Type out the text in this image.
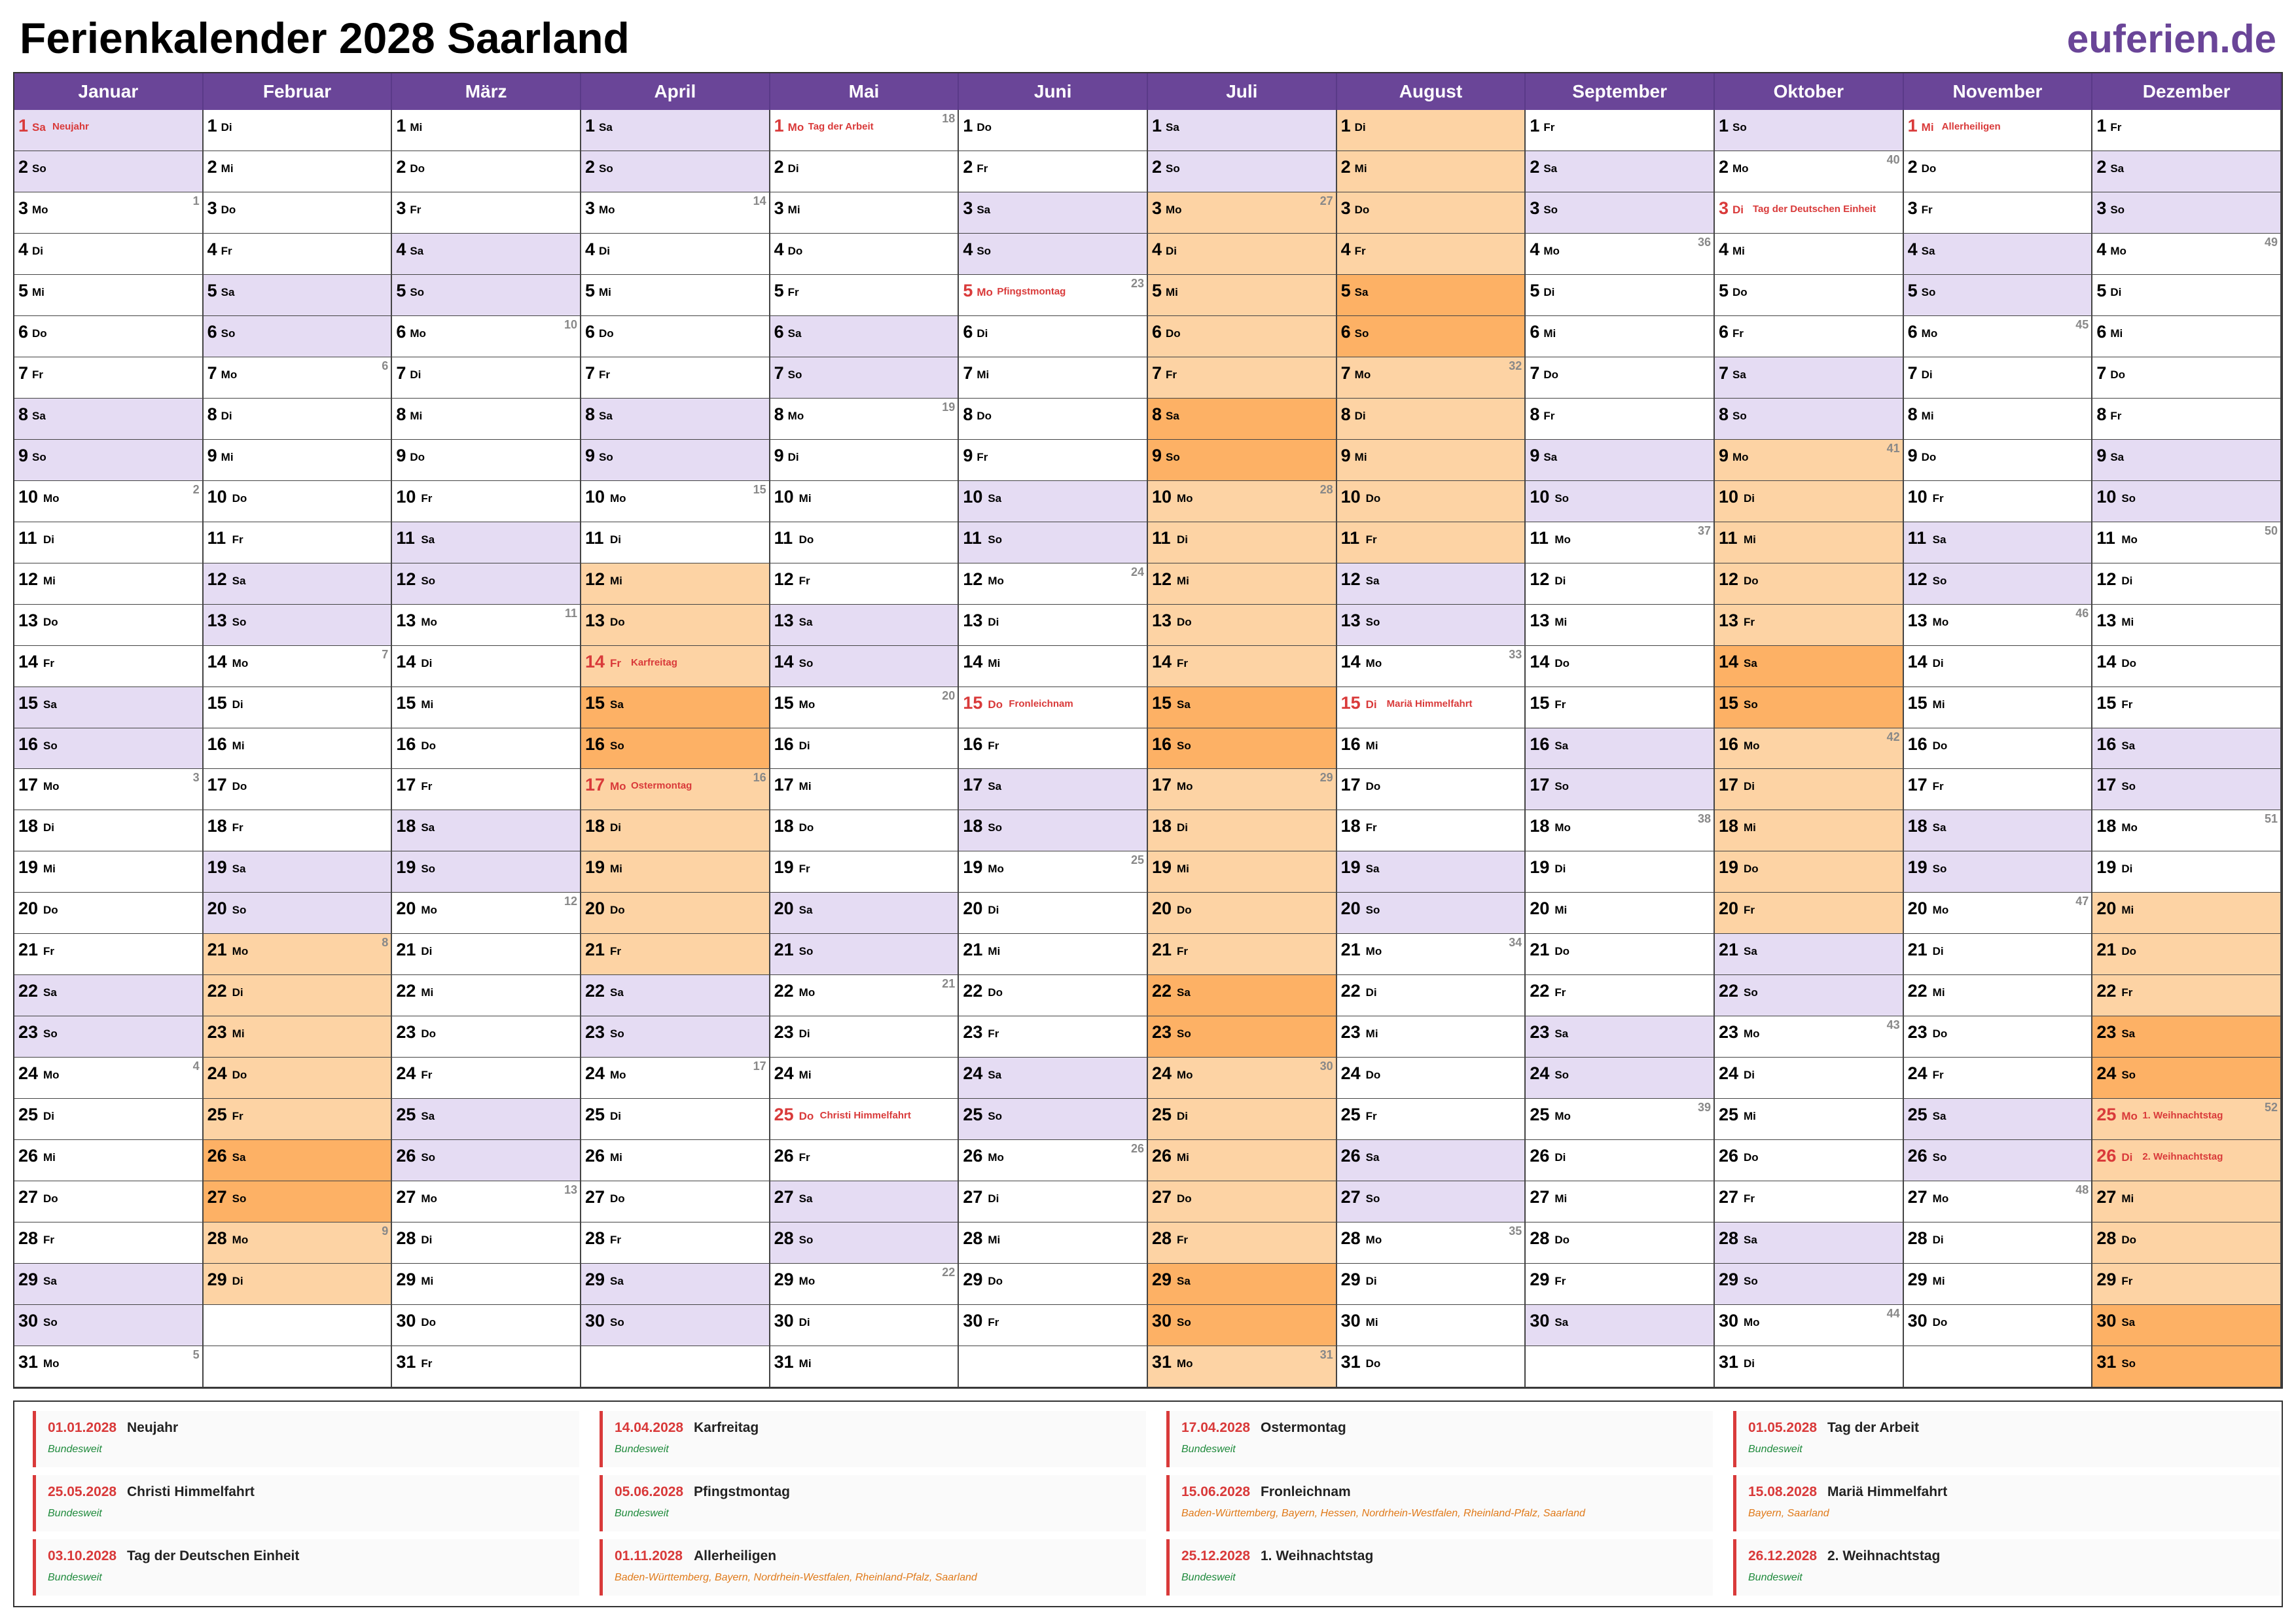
Ferienkalender 2028 Saarland	euferien.de
Januar
1 Sa Neujahr
2 So
3 Mo
1
4 Di
5 Mi
6 Do
7 Fr
8 Sa
9 So
10 Mo
2
11 Di
12 Mi
13 Do
14 Fr
15 Sa
16 So
17 Mo
3
18 Di
19 Mi
20 Do
21 Fr
22 Sa
23 So
24 Mo
4
25 Di
26 Mi
27 Do
28 Fr
29 Sa
30 So
31 Mo
5
Februar
1 Di
2 Mi
3 Do
4 Fr
5 Sa
6 So
7 Mo
6
8 Di
9 Mi
10 Do
11 Fr
12 Sa
13 So
14 Mo
7
15 Di
16 Mi
17 Do
18 Fr
19 Sa
20 So
21 Mo
8
22 Di
23 Mi
24 Do
25 Fr
26 Sa
27 So
28 Mo
9
29 Di
März
1 Mi
2 Do
3 Fr
4 Sa
5 So
6 Mo
10
7 Di
8 Mi
9 Do
10 Fr
11 Sa
12 So
13 Mo
11
14 Di
15 Mi
16 Do
17 Fr
18 Sa
19 So
20 Mo
12
21 Di
22 Mi
23 Do
24 Fr
25 Sa
26 So
27 Mo
13
28 Di
29 Mi
30 Do
31 Fr
April
1 Sa
2 So
3 Mo
14
4 Di
5 Mi
6 Do
7 Fr
8 Sa
9 So
10 Mo
15
11 Di
12 Mi
13 Do
14 Fr Karfreitag
15 Sa
16 So
17 Mo Ostermontag
16
18 Di
19 Mi
20 Do
21 Fr
22 Sa
23 So
24 Mo
17
25 Di
26 Mi
27 Do
28 Fr
29 Sa
30 So
Mai
1 Mo Tag der Arbeit
18
2 Di
3 Mi
4 Do
5 Fr
6 Sa
7 So
8 Mo
19
9 Di
10 Mi
11 Do
12 Fr
13 Sa
14 So
15 Mo
20
16 Di
17 Mi
18 Do
19 Fr
20 Sa
21 So
22 Mo
21
23 Di
24 Mi
25 Do Christi Himmelfahrt
26 Fr
27 Sa
28 So
29 Mo
22
30 Di
31 Mi
Juni
1 Do
2 Fr
3 Sa
4 So
5 Mo Pfingstmontag
23
6 Di
7 Mi
8 Do
9 Fr
10 Sa
11 So
12 Mo
24
13 Di
14 Mi
15 Do Fronleichnam
16 Fr
17 Sa
18 So
19 Mo
25
20 Di
21 Mi
22 Do
23 Fr
24 Sa
25 So
26 Mo
26
27 Di
28 Mi
29 Do
30 Fr
Juli
1 Sa
2 So
3 Mo
27
4 Di
5 Mi
6 Do
7 Fr
8 Sa
9 So
10 Mo
28
11 Di
12 Mi
13 Do
14 Fr
15 Sa
16 So
17 Mo
29
18 Di
19 Mi
20 Do
21 Fr
22 Sa
23 So
24 Mo
30
25 Di
26 Mi
27 Do
28 Fr
29 Sa
30 So
31 Mo
31
August
1 Di
2 Mi
3 Do
4 Fr
5 Sa
6 So
7 Mo
32
8 Di
9 Mi
10 Do
11 Fr
12 Sa
13 So
14 Mo
33
15 Di Mariä Himmelfahrt
16 Mi
17 Do
18 Fr
19 Sa
20 So
21 Mo
34
22 Di
23 Mi
24 Do
25 Fr
26 Sa
27 So
28 Mo
35
29 Di
30 Mi
31 Do
September
1 Fr
2 Sa
3 So
4 Mo
36
5 Di
6 Mi
7 Do
8 Fr
9 Sa
10 So
11 Mo
37
12 Di
13 Mi
14 Do
15 Fr
16 Sa
17 So
18 Mo
38
19 Di
20 Mi
21 Do
22 Fr
23 Sa
24 So
25 Mo
39
26 Di
27 Mi
28 Do
29 Fr
30 Sa
Oktober
1 So
2 Mo
40
3 Di Tag der Deutschen Einheit
4 Mi
5 Do
6 Fr
7 Sa
8 So
9 Mo
41
10 Di
11 Mi
12 Do
13 Fr
14 Sa
15 So
16 Mo
42
17 Di
18 Mi
19 Do
20 Fr
21 Sa
22 So
23 Mo
43
24 Di
25 Mi
26 Do
27 Fr
28 Sa
29 So
30 Mo
44
31 Di
November
1 Mi Allerheiligen
2 Do
3 Fr
4 Sa
5 So
6 Mo
45
7 Di
8 Mi
9 Do
10 Fr
11 Sa
12 So
13 Mo
46
14 Di
15 Mi
16 Do
17 Fr
18 Sa
19 So
20 Mo
47
21 Di
22 Mi
23 Do
24 Fr
25 Sa
26 So
27 Mo
48
28 Di
29 Mi
30 Do
Dezember
1 Fr
2 Sa
3 So
4 Mo
49
5 Di
6 Mi
7 Do
8 Fr
9 Sa
10 So
11 Mo
50
12 Di
13 Mi
14 Do
15 Fr
16 Sa
17 So
18 Mo
51
19 Di
20 Mi
21 Do
22 Fr
23 Sa
24 So
25 Mo 1. Weihnachtstag
52
26 Di 2. Weihnachtstag
27 Mi
28 Do
29 Fr
30 Sa
31 So
01.01.2028 Neujahr
Bundesweit
14.04.2028 Karfreitag
Bundesweit
17.04.2028 Ostermontag
Bundesweit
01.05.2028 Tag der Arbeit
Bundesweit
25.05.2028 Christi Himmelfahrt
Bundesweit
05.06.2028 Pfingstmontag
Bundesweit
15.06.2028 Fronleichnam
Baden-Württemberg, Bayern, Hessen, Nordrhein-Westfalen, Rheinland-Pfalz, Saarland
15.08.2028 Mariä Himmelfahrt
Bayern, Saarland
03.10.2028 Tag der Deutschen Einheit
Bundesweit
01.11.2028 Allerheiligen
Baden-Württemberg, Bayern, Nordrhein-Westfalen, Rheinland-Pfalz, Saarland
25.12.2028 1. Weihnachtstag
Bundesweit
26.12.2028 2. Weihnachtstag
Bundesweit
